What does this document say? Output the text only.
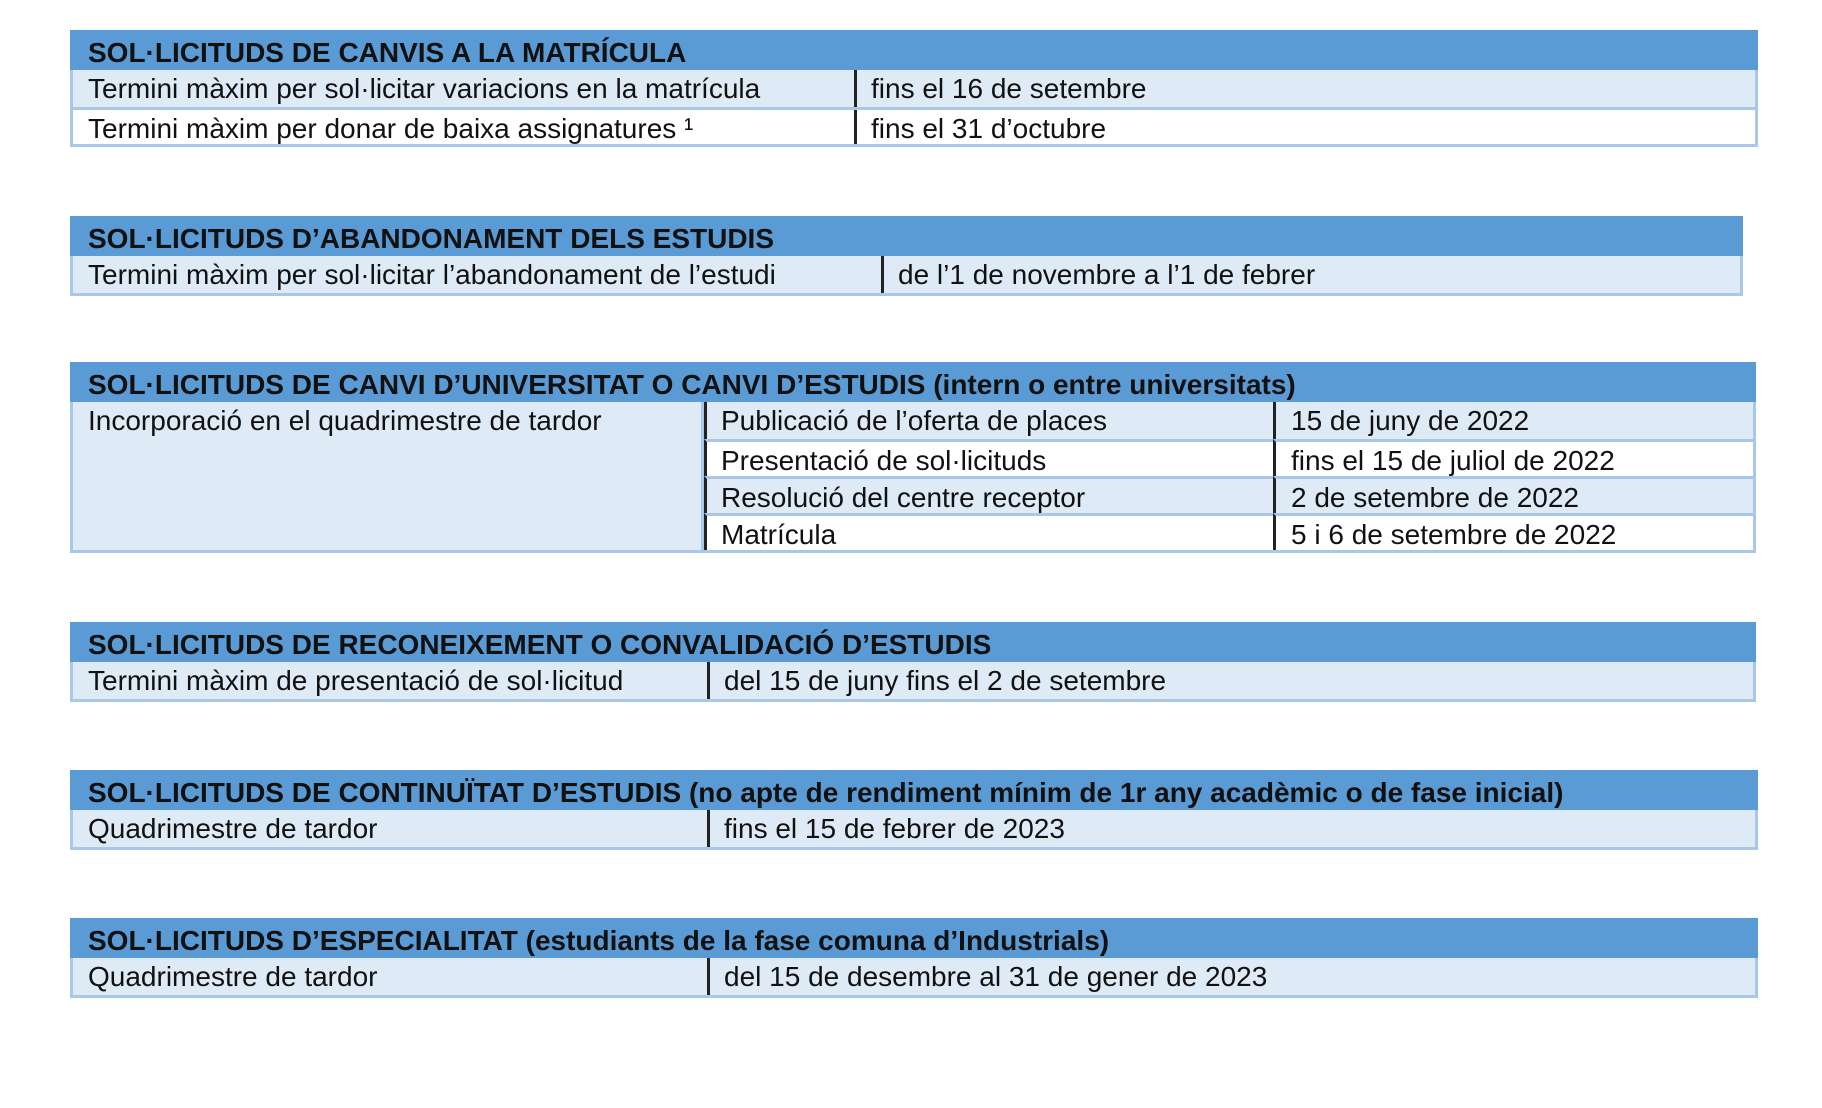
SOL·LICITUDS DE CANVIS A LA MATRÍCULA
Termini màxim per sol·licitar variacions en la matrícula	fins el 16 de setembre
Termini màxim per donar de baixa assignatures ¹	fins el 31 d’octubre
SOL·LICITUDS D’ABANDONAMENT DELS ESTUDIS
Termini màxim per sol·licitar l’abandonament de l’estudi	de l’1 de novembre a l’1 de febrer
SOL·LICITUDS DE CANVI D’UNIVERSITAT O CANVI D’ESTUDIS (intern o entre universitats)
Incorporació en el quadrimestre de tardor	Publicació de l’oferta de places	15 de juny de 2022
Presentació de sol·licituds	fins el 15 de juliol de 2022
Resolució del centre receptor	2 de setembre de 2022
Matrícula	5 i 6 de setembre de 2022
SOL·LICITUDS DE RECONEIXEMENT O CONVALIDACIÓ D’ESTUDIS
Termini màxim de presentació de sol·licitud	del 15 de juny fins el 2 de setembre
SOL·LICITUDS DE CONTINUÏTAT D’ESTUDIS (no apte de rendiment mínim de 1r any acadèmic o de fase inicial)
Quadrimestre de tardor	fins el 15 de febrer de 2023
SOL·LICITUDS D’ESPECIALITAT (estudiants de la fase comuna d’Industrials)
Quadrimestre de tardor	del 15 de desembre al 31 de gener de 2023
